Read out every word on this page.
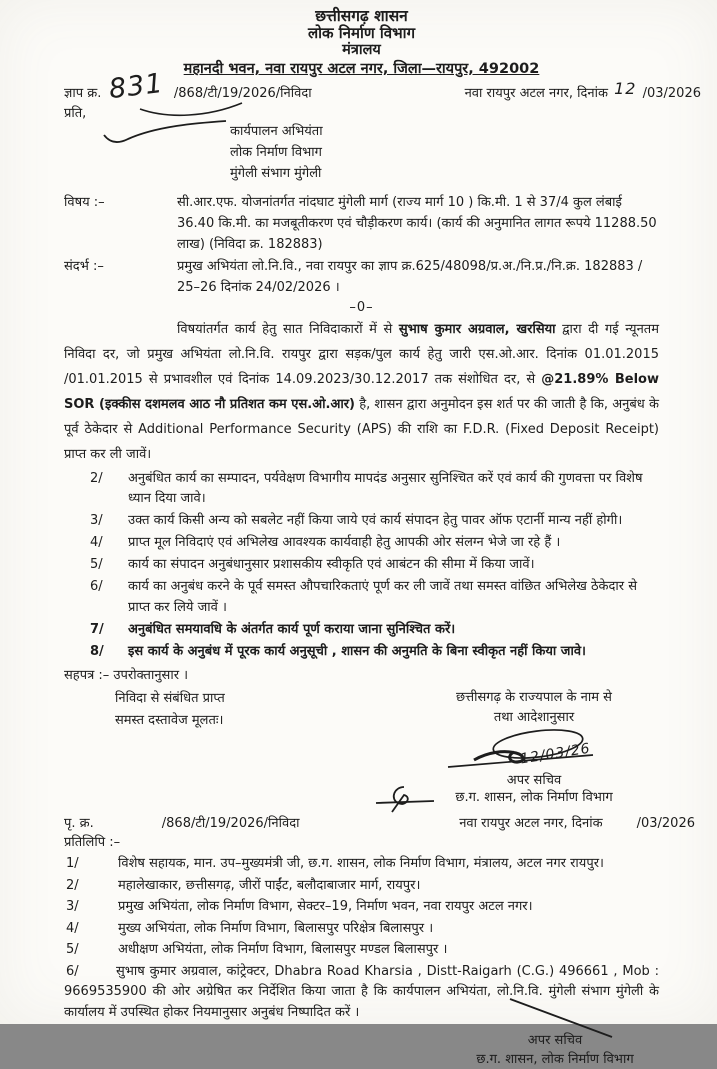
छत्तीसगढ़ शासन
लोक निर्माण विभाग
मंत्रालय
महानदी भवन, नवा रायपुर अटल नगर, जिला—रायपुर, 492002
ज्ञाप क्र. 831 /868/टी/19/2026/निविदा	नवा रायपुर अटल नगर, दिनांक 12 /03/2026
प्रति,
कार्यपालन अभियंता
लोक निर्माण विभाग
मुंगेली संभाग मुंगेली
विषय :–	सी.आर.एफ. योजनांतर्गत नांदघाट मुंगेली मार्ग (राज्य मार्ग 10 ) कि.मी. 1 से 37/4 कुल लंबाई 36.40 कि.मी. का मजबूतीकरण एवं चौड़ीकरण कार्य। (कार्य की अनुमानित लागत रूपये 11288.50 लाख) (निविदा क्र. 182883)
संदर्भ :–	प्रमुख अभियंता लो.नि.वि., नवा रायपुर का ज्ञाप क्र.625/48098/प्र.अ./नि.प्र./नि.क्र. 182883 / 25–26 दिनांक 24/02/2026 ।
–0–
विषयांतर्गत कार्य हेतु सात निविदाकारों में से सुभाष कुमार अग्रवाल, खरसिया द्वारा दी गई न्यूनतम निविदा दर, जो प्रमुख अभियंता लो.नि.वि. रायपुर द्वारा सड़क/पुल कार्य हेतु जारी एस.ओ.आर. दिनांक 01.01.2015 /01.01.2015 से प्रभावशील एवं दिनांक 14.09.2023/30.12.2017 तक संशोधित दर, से @21.89% Below SOR (इक्कीस दशमलव आठ नौ प्रतिशत कम एस.ओ.आर) है, शासन द्वारा अनुमोदन इस शर्त पर की जाती है कि, अनुबंध के पूर्व ठेकेदार से Additional Performance Security (APS) की राशि का F.D.R. (Fixed Deposit Receipt) प्राप्त कर ली जावें।
2/	अनुबंधित कार्य का सम्पादन, पर्यवेक्षण विभागीय मापदंड अनुसार सुनिश्चित करें एवं कार्य की गुणवत्ता पर विशेष ध्यान दिया जावे।
3/	उक्त कार्य किसी अन्य को सबलेट नहीं किया जाये एवं कार्य संपादन हेतु पावर ऑफ एटार्नी मान्य नहीं होगी।
4/	प्राप्त मूल निविदाएं एवं अभिलेख आवश्यक कार्यवाही हेतु आपकी ओर संलग्न भेजे जा रहे हैं ।
5/	कार्य का संपादन अनुबंधानुसार प्रशासकीय स्वीकृति एवं आबंटन की सीमा में किया जावें।
6/	कार्य का अनुबंध करने के पूर्व समस्त औपचारिकताएं पूर्ण कर ली जावें तथा समस्त वांछित अभिलेख ठेकेदार से प्राप्त कर लिये जावें ।
7/	अनुबंधित समयावधि के अंतर्गत कार्य पूर्ण कराया जाना सुनिश्चित करें।
8/	इस कार्य के अनुबंध में पूरक कार्य अनुसूची , शासन की अनुमति के बिना स्वीकृत नहीं किया जावे।
सहपत्र :– उपरोक्तानुसार ।
निविदा से संबंधित प्राप्त
समस्त दस्तावेज मूलतः।
छत्तीसगढ़ के राज्यपाल के नाम से
तथा आदेशानुसार
12/03/26
अपर सचिव
छ.ग. शासन, लोक निर्माण विभाग
पृ. क्र.	/868/टी/19/2026/निविदा	नवा रायपुर अटल नगर, दिनांक	/03/2026
प्रतिलिपि :–
1/	विशेष सहायक, मान. उप–मुख्यमंत्री जी, छ.ग. शासन, लोक निर्माण विभाग, मंत्रालय, अटल नगर रायपुर।
2/	महालेखाकार, छत्तीसगढ़, जीरों पाईंट, बलौदाबाजार मार्ग, रायपुर।
3/	प्रमुख अभियंता, लोक निर्माण विभाग, सेक्टर–19, निर्माण भवन, नवा रायपुर अटल नगर।
4/	मुख्य अभियंता, लोक निर्माण विभाग, बिलासपुर परिक्षेत्र बिलासपुर ।
5/	अधीक्षण अभियंता, लोक निर्माण विभाग, बिलासपुर मण्डल बिलासपुर ।
6/	सुभाष कुमार अग्रवाल, कांट्रेक्टर, Dhabra Road Kharsia , Distt-Raigarh (C.G.) 496661 , Mob : 9669535900 की ओर अग्रेषित कर निर्देशित किया जाता है कि कार्यपालन अभियंता, लो.नि.वि. मुंगेली संभाग मुंगेली के कार्यालय में उपस्थित होकर नियमानुसार अनुबंध निष्पादित करें ।
अपर सचिव
छ.ग. शासन, लोक निर्माण विभाग
